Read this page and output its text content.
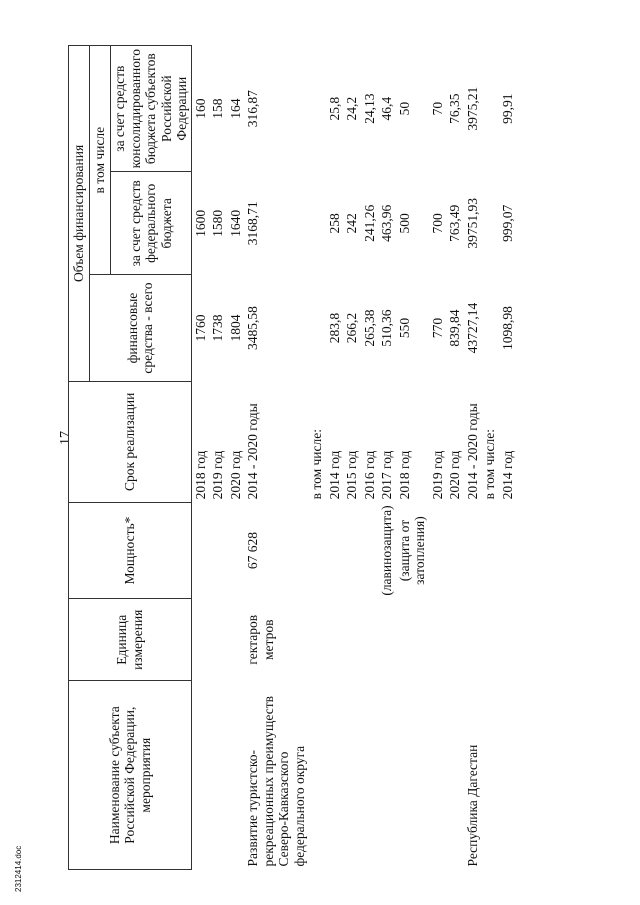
17
2312414.doc
Наименование субъекта Российской Федерации, мероприятия	Единица измерения	Мощность*	Срок реализации	Объем финансирования		
				финансовые средства - всего	в том числе	
					за счет средств федерального бюджета	за счет средств консолидированного бюджета субъектов Российской Федерации
			2018 год	1760	1600	160
			2019 год	1738	1580	158
			2020 год	1804	1640	164
Развитие туристско-рекреационных преимуществ Северо-Кавказского федерального округа	гектаров метров	67 628	2014 - 2020 годы	3485,58	3168,71	316,87
			в том числе:			
			2014 год	283,8	258	25,8
			2015 год	266,2	242	24,2
			2016 год	265,38	241,26	24,13
		(лавинозащита)	2017 год	510,36	463,96	46,4
		(защита от затопления)	2018 год	550	500	50
			2019 год	770	700	70
			2020 год	839,84	763,49	76,35
Республика Дагестан			2014 - 2020 годы	43727,14	39751,93	3975,21
			в том числе:			
			2014 год	1098,98	999,07	99,91
